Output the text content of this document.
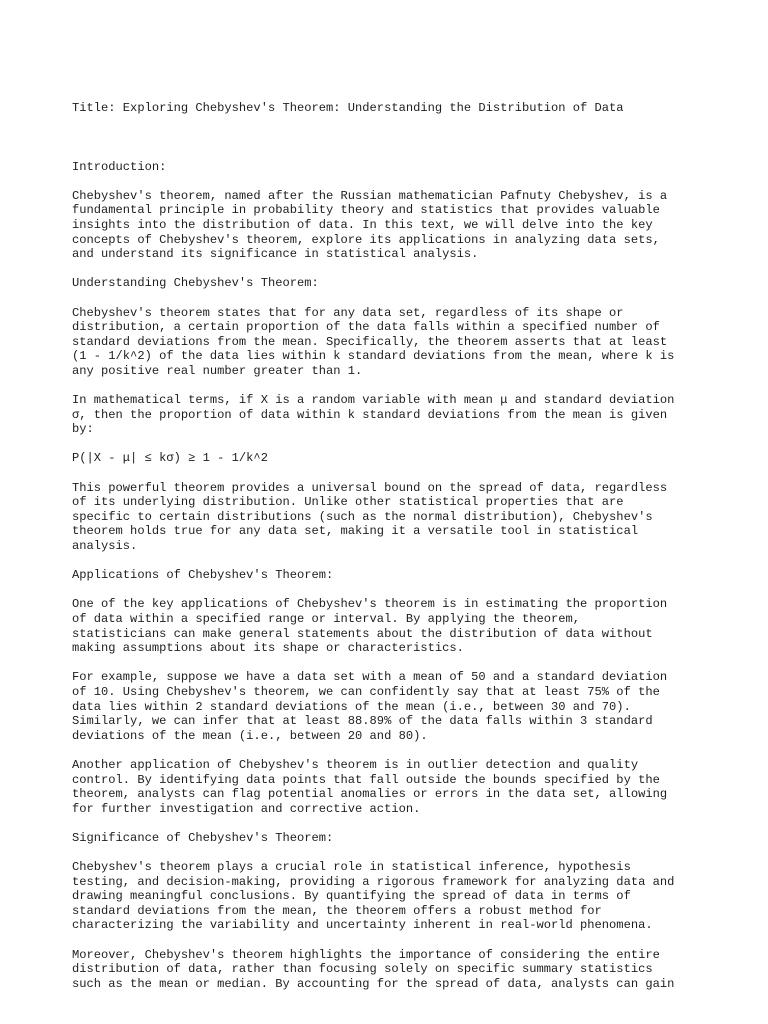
Title: Exploring Chebyshev's Theorem: Understanding the Distribution of Data

Introduction:
Chebyshev's theorem, named after the Russian mathematician Pafnuty Chebyshev, is a
fundamental principle in probability theory and statistics that provides valuable
insights into the distribution of data. In this text, we will delve into the key
concepts of Chebyshev's theorem, explore its applications in analyzing data sets,
and understand its significance in statistical analysis.
Understanding Chebyshev's Theorem:
Chebyshev's theorem states that for any data set, regardless of its shape or
distribution, a certain proportion of the data falls within a specified number of
standard deviations from the mean. Specifically, the theorem asserts that at least
(1 - 1/k^2) of the data lies within k standard deviations from the mean, where k is
any positive real number greater than 1.
In mathematical terms, if X is a random variable with mean μ and standard deviation
σ, then the proportion of data within k standard deviations from the mean is given
by:
P(|X - μ| ≤ kσ) ≥ 1 - 1/k^2
This powerful theorem provides a universal bound on the spread of data, regardless
of its underlying distribution. Unlike other statistical properties that are
specific to certain distributions (such as the normal distribution), Chebyshev's
theorem holds true for any data set, making it a versatile tool in statistical
analysis.
Applications of Chebyshev's Theorem:
One of the key applications of Chebyshev's theorem is in estimating the proportion
of data within a specified range or interval. By applying the theorem,
statisticians can make general statements about the distribution of data without
making assumptions about its shape or characteristics.
For example, suppose we have a data set with a mean of 50 and a standard deviation
of 10. Using Chebyshev's theorem, we can confidently say that at least 75% of the
data lies within 2 standard deviations of the mean (i.e., between 30 and 70).
Similarly, we can infer that at least 88.89% of the data falls within 3 standard
deviations of the mean (i.e., between 20 and 80).
Another application of Chebyshev's theorem is in outlier detection and quality
control. By identifying data points that fall outside the bounds specified by the
theorem, analysts can flag potential anomalies or errors in the data set, allowing
for further investigation and corrective action.
Significance of Chebyshev's Theorem:
Chebyshev's theorem plays a crucial role in statistical inference, hypothesis
testing, and decision-making, providing a rigorous framework for analyzing data and
drawing meaningful conclusions. By quantifying the spread of data in terms of
standard deviations from the mean, the theorem offers a robust method for
characterizing the variability and uncertainty inherent in real-world phenomena.
Moreover, Chebyshev's theorem highlights the importance of considering the entire
distribution of data, rather than focusing solely on specific summary statistics
such as the mean or median. By accounting for the spread of data, analysts can gain
